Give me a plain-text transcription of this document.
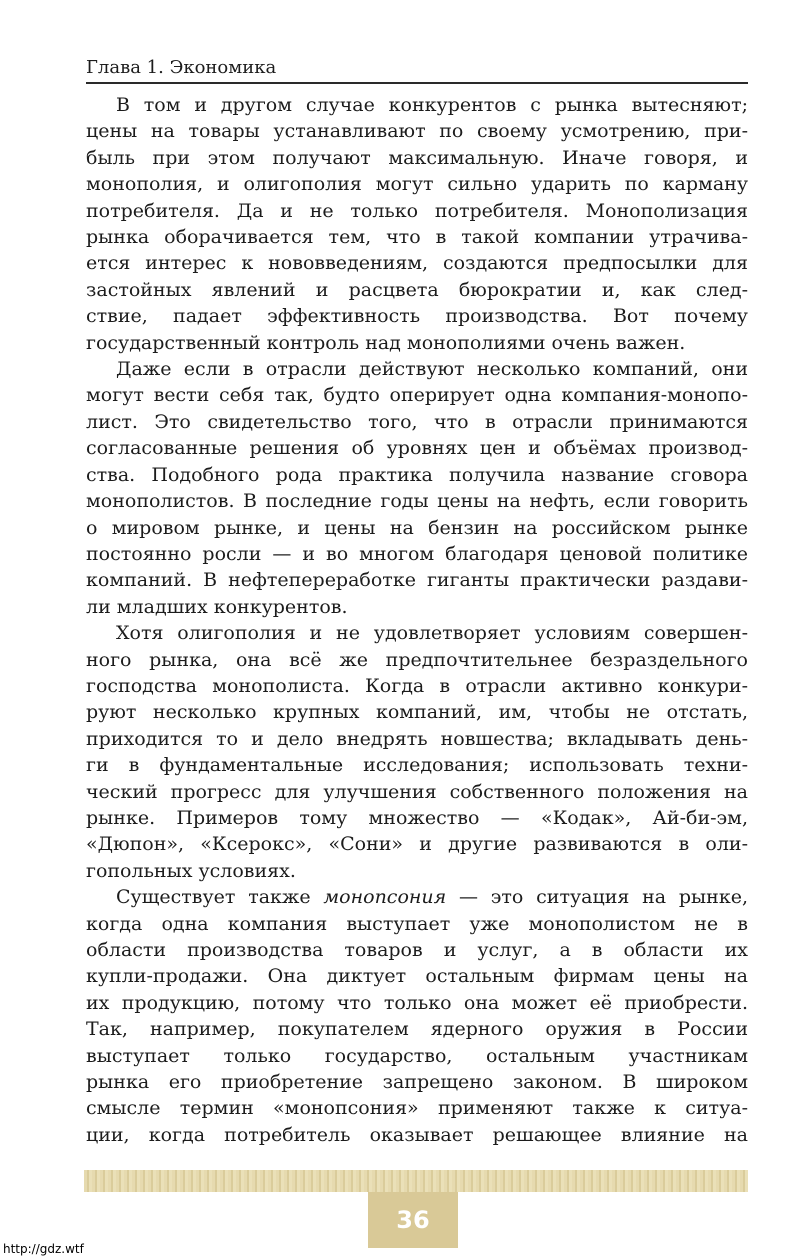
Глава 1. Экономика
В том и другом случае конкурентов с рынка вытесняют;
цены на товары устанавливают по своему усмотрению, при-
быль при этом получают максимальную. Иначе говоря, и
монополия, и олигополия могут сильно ударить по карману
потребителя. Да и не только потребителя. Монополизация
рынка оборачивается тем, что в такой компании утрачива-
ется интерес к нововведениям, создаются предпосылки для
застойных явлений и расцвета бюрократии и, как след-
ствие, падает эффективность производства. Вот почему
государственный контроль над монополиями очень важен.
Даже если в отрасли действуют несколько компаний, они
могут вести себя так, будто оперирует одна компания-монопо-
лист. Это свидетельство того, что в отрасли принимаются
согласованные решения об уровнях цен и объёмах производ-
ства. Подобного рода практика получила название сговора
монополистов. В последние годы цены на нефть, если говорить
о мировом рынке, и цены на бензин на российском рынке
постоянно росли — и во многом благодаря ценовой политике
компаний. В нефтепереработке гиганты практически раздави-
ли младших конкурентов.
Хотя олигополия и не удовлетворяет условиям совершен-
ного рынка, она всё же предпочтительнее безраздельного
господства монополиста. Когда в отрасли активно конкури-
руют несколько крупных компаний, им, чтобы не отстать,
приходится то и дело внедрять новшества; вкладывать день-
ги в фундаментальные исследования; использовать техни-
ческий прогресс для улучшения собственного положения на
рынке. Примеров тому множество — «Кодак», Ай-би-эм,
«Дюпон», «Ксерокс», «Сони» и другие развиваются в оли-
гопольных условиях.
Существует также монопсония — это ситуация на рынке,
когда одна компания выступает уже монополистом не в
области производства товаров и услуг, а в области их
купли-продажи. Она диктует остальным фирмам цены на
их продукцию, потому что только она может её приобрести.
Так, например, покупателем ядерного оружия в России
выступает только государство, остальным участникам
рынка его приобретение запрещено законом. В широком
смысле термин «монопсония» применяют также к ситуа-
ции, когда потребитель оказывает решающее влияние на
36
http://gdz.wtf
